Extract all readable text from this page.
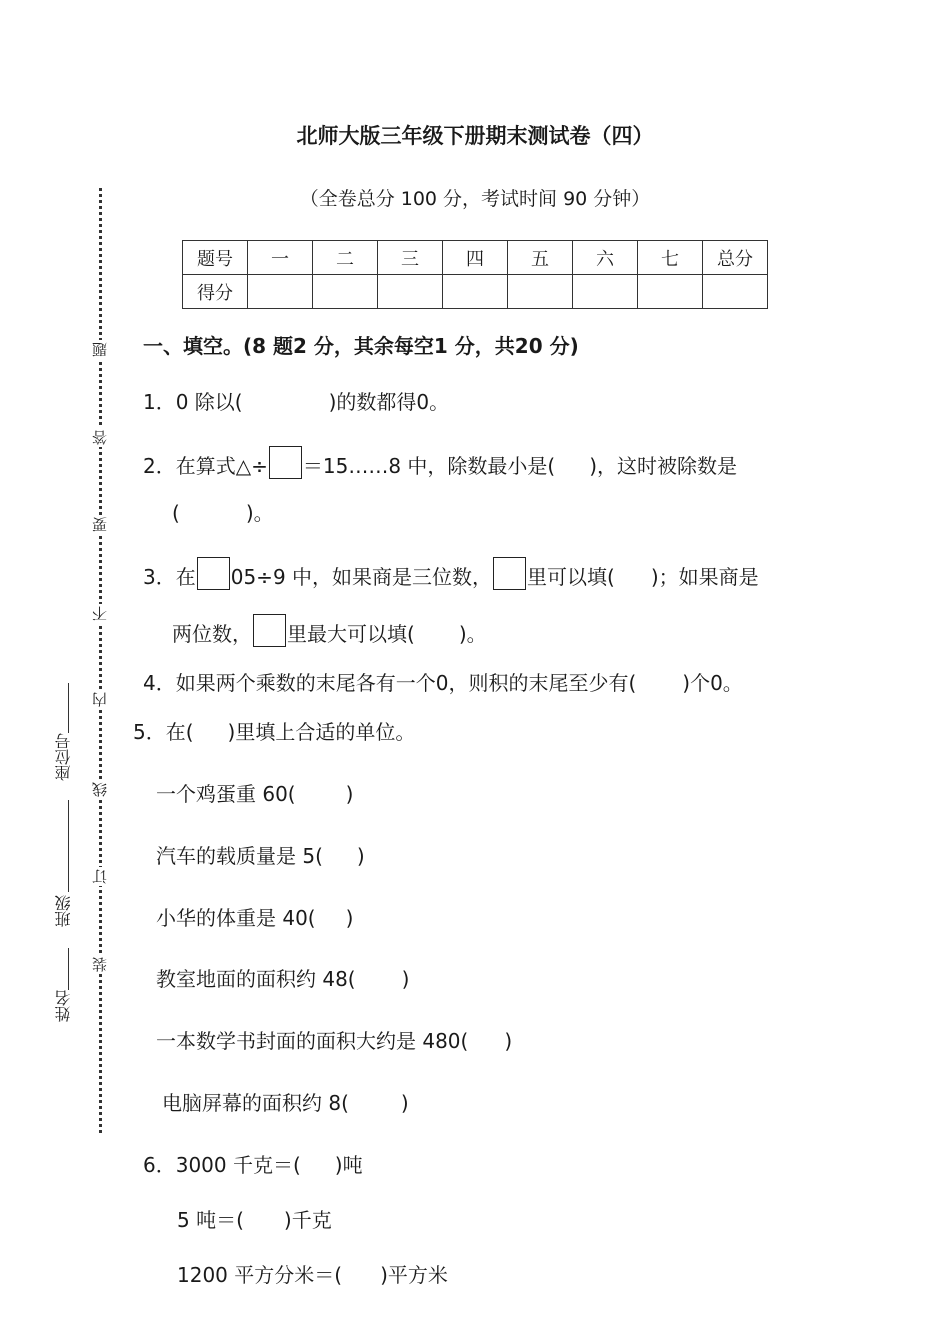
题
答
要
不
内
线
订
装
座位号
班级
姓名
北师大版三年级下册期末测试卷（四）
（全卷总分 100 分，考试时间 90 分钟）
题号	一	二	三	四	五	六	七	总分
得分								
一、填空。(8 题2 分，其余每空1 分，共20 分)
1．0 除以(	)的数都得0。
2．在算式△÷ ＝15……8 中，除数最小是( )，这时被除数是
(	)。
3．在 05÷9 中，如果商是三位数， 里可以填( )；如果商是
两位数， 里最大可以填( )。
4．如果两个乘数的末尾各有一个0，则积的末尾至少有( )个0。
5．在( )里填上合适的单位。
一个鸡蛋重 60(	)
汽车的载质量是 5( )
小华的体重是 40( )
教室地面的面积约 48( )
一本数学书封面的面积大约是 480( )
电脑屏幕的面积约 8(	)
6．3000 千克＝( )吨
5 吨＝( )千克
1200 平方分米＝( )平方米
